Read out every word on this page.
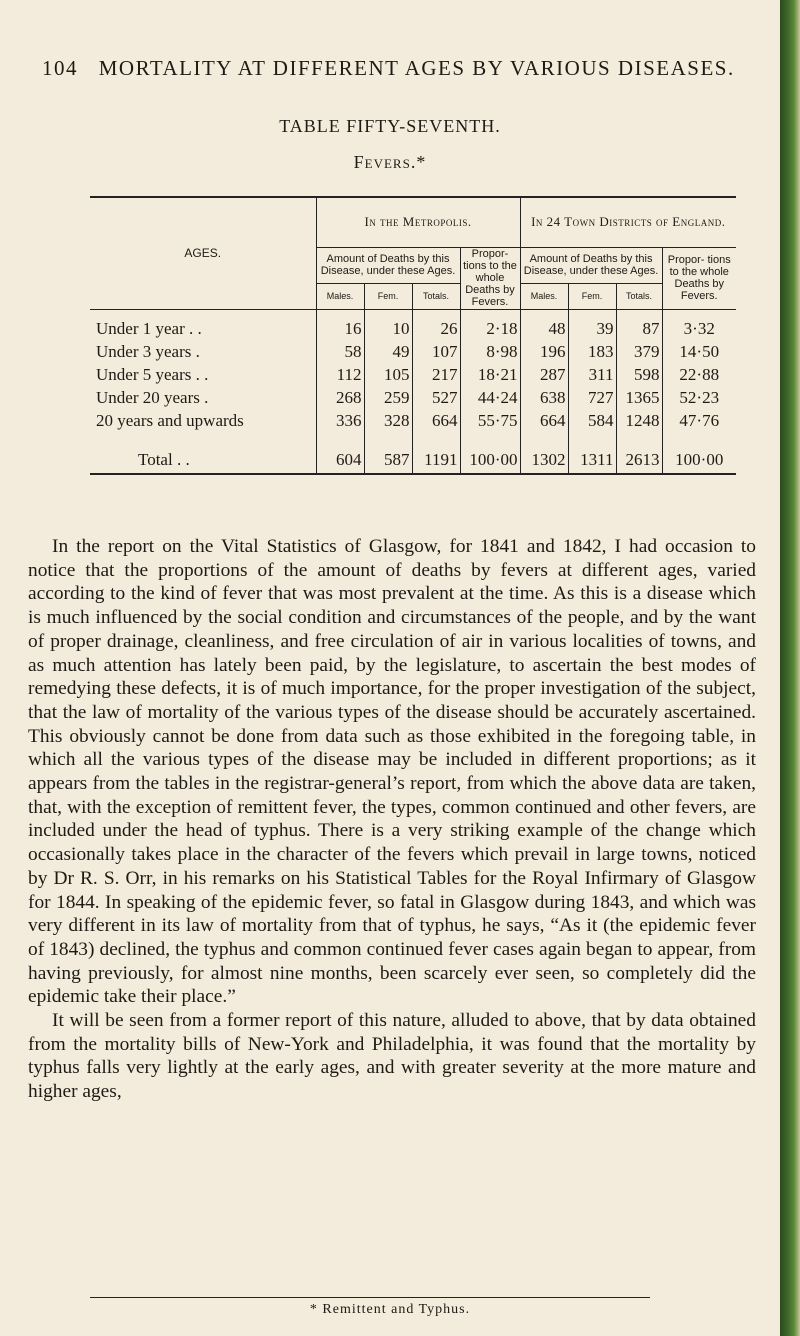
104 MORTALITY AT DIFFERENT AGES BY VARIOUS DISEASES.
TABLE FIFTY-SEVENTH.
Fevers.*
AGES.	In the Metropolis.				In 24 Town Districts of England.			
	Amount of Deaths by this Disease, under these Ages.			Propor- tions to the whole Deaths by Fevers.	Amount of Deaths by this Disease, under these Ages.			Propor- tions to the whole Deaths by Fevers.
	Males.	Fem.	Totals.		Males.	Fem.	Totals.	

Under 1 year . .	16	10	26	2·18	48	39	87	3·32
Under 3 years .	58	49	107	8·98	196	183	379	14·50
Under 5 years . .	112	105	217	18·21	287	311	598	22·88
Under 20 years .	268	259	527	44·24	638	727	1365	52·23
20 years and upwards	336	328	664	55·75	664	584	1248	47·76

Total . .	604	587	1191	100·00	1302	1311	2613	100·00

In the report on the Vital Statistics of Glasgow, for 1841 and 1842, I had occasion to notice that the proportions of the amount of deaths by fevers at different ages, varied according to the kind of fever that was most prevalent at the time. As this is a disease which is much influenced by the social condition and circumstances of the people, and by the want of proper drainage, cleanliness, and free circulation of air in various localities of towns, and as much attention has lately been paid, by the legislature, to ascertain the best modes of remedying these defects, it is of much importance, for the proper investigation of the subject, that the law of mortality of the various types of the disease should be accurately ascertained. This obviously cannot be done from data such as those exhibited in the foregoing table, in which all the various types of the disease may be included in different proportions; as it appears from the tables in the registrar-general’s report, from which the above data are taken, that, with the exception of remittent fever, the types, common continued and other fevers, are included under the head of typhus. There is a very striking example of the change which occasionally takes place in the character of the fevers which prevail in large towns, noticed by Dr R. S. Orr, in his remarks on his Statistical Tables for the Royal Infirmary of Glasgow for 1844. In speaking of the epidemic fever, so fatal in Glasgow during 1843, and which was very different in its law of mortality from that of typhus, he says, “As it (the epidemic fever of 1843) declined, the typhus and common continued fever cases again began to appear, from having previously, for almost nine months, been scarcely ever seen, so completely did the epidemic take their place.”

It will be seen from a former report of this nature, alluded to above, that by data obtained from the mortality bills of New-York and Philadelphia, it was found that the mortality by typhus falls very lightly at the early ages, and with greater severity at the more mature and higher ages,

* Remittent and Typhus.
